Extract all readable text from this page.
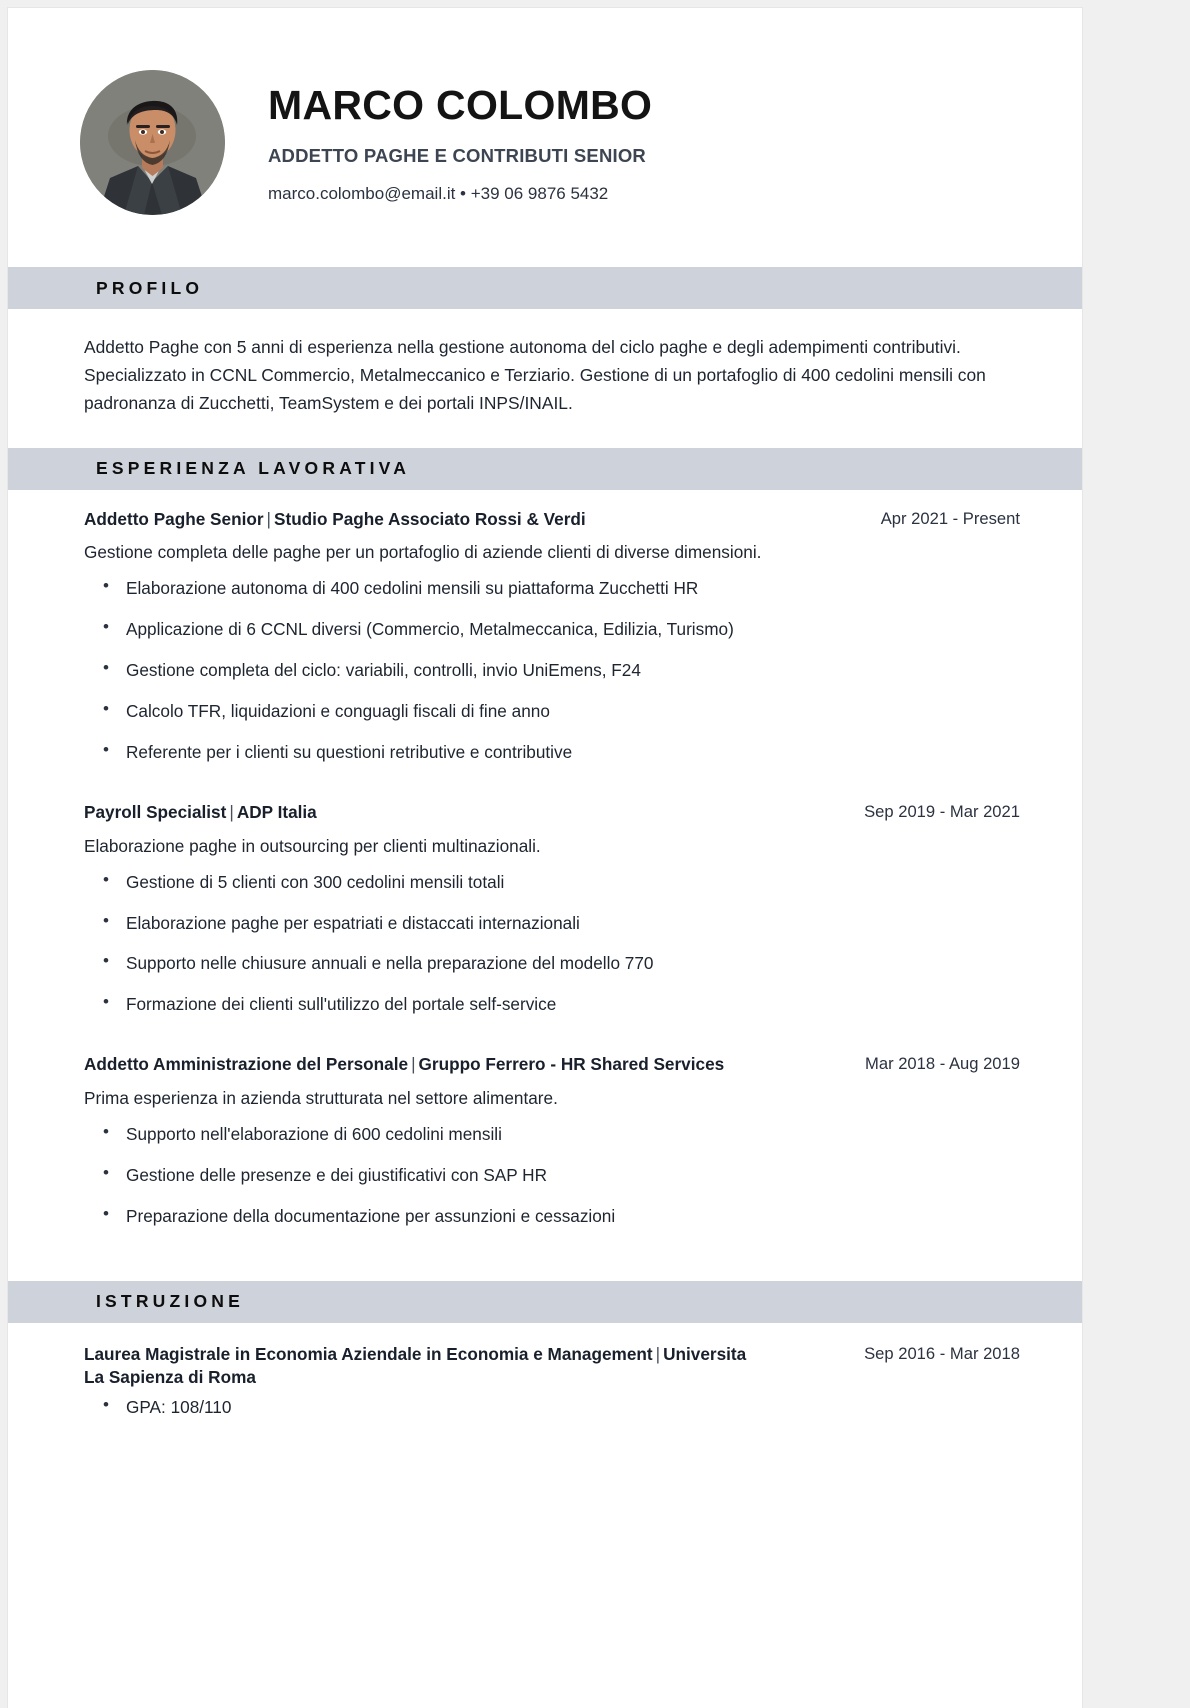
MARCO COLOMBO
ADDETTO PAGHE E CONTRIBUTI SENIOR
marco.colombo@email.it • +39 06 9876 5432
PROFILO

Addetto Paghe con 5 anni di esperienza nella gestione autonoma del ciclo paghe e degli adempimenti contributivi. Specializzato in CCNL Commercio, Metalmeccanico e Terziario. Gestione di un portafoglio di 400 cedolini mensili con padronanza di Zucchetti, TeamSystem e dei portali INPS/INAIL.

ESPERIENZA LAVORATIVA
Addetto Paghe Senior | Studio Paghe Associato Rossi & Verdi	Apr 2021 - Present
Gestione completa delle paghe per un portafoglio di aziende clienti di diverse dimensioni.
• Elaborazione autonoma di 400 cedolini mensili su piattaforma Zucchetti HR
• Applicazione di 6 CCNL diversi (Commercio, Metalmeccanica, Edilizia, Turismo)
• Gestione completa del ciclo: variabili, controlli, invio UniEmens, F24
• Calcolo TFR, liquidazioni e conguagli fiscali di fine anno
• Referente per i clienti su questioni retributive e contributive
Payroll Specialist | ADP Italia	Sep 2019 - Mar 2021
Elaborazione paghe in outsourcing per clienti multinazionali.
• Gestione di 5 clienti con 300 cedolini mensili totali
• Elaborazione paghe per espatriati e distaccati internazionali
• Supporto nelle chiusure annuali e nella preparazione del modello 770
• Formazione dei clienti sull'utilizzo del portale self-service
Addetto Amministrazione del Personale | Gruppo Ferrero - HR Shared Services	Mar 2018 - Aug 2019
Prima esperienza in azienda strutturata nel settore alimentare.
• Supporto nell'elaborazione di 600 cedolini mensili
• Gestione delle presenze e dei giustificativi con SAP HR
• Preparazione della documentazione per assunzioni e cessazioni
ISTRUZIONE
Laurea Magistrale in Economia Aziendale in Economia e Management | Universita La Sapienza di Roma
Sep 2016 - Mar 2018
• GPA: 108/110
